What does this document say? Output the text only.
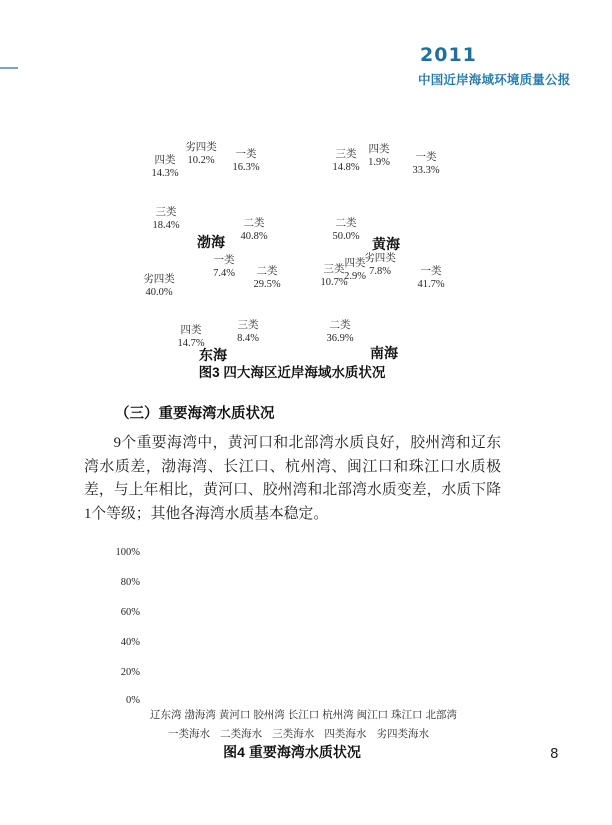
2011
中国近岸海域环境质量公报
四类
14.3%
劣四类
10.2% 一类
16.3%
三类
18.4%	二类
40.8%
渤海
三类
14.8%
四类
1.9% 一类
33.3%
二类
50.0% 黄海
劣四类
40.0%
一类
7.4% 二类
29.5%
四类
14.7%
三类
8.4%
东海
三类
10.7%
四类
2.9%
劣四类
7.8%	一类
41.7%
二类
36.9%
南海
图3 四大海区近岸海域水质状况
（三）重要海湾水质状况

9个重要海湾中，黄河口和北部湾水质良好，胶州湾和辽东湾水质差，渤海湾、长江口、杭州湾、闽江口和珠江口水质极差，与上年相比，黄河口、胶州湾和北部湾水质变差，水质下降1个等级；其他各海湾水质基本稳定。

100%
80%
60%
40%
20%
0%
辽东湾 渤海湾 黄河口 胶州湾 长江口 杭州湾 闽江口 珠江口 北部湾
一类海水 二类海水 三类海水 四类海水 劣四类海水
图4 重要海湾水质状况	8
